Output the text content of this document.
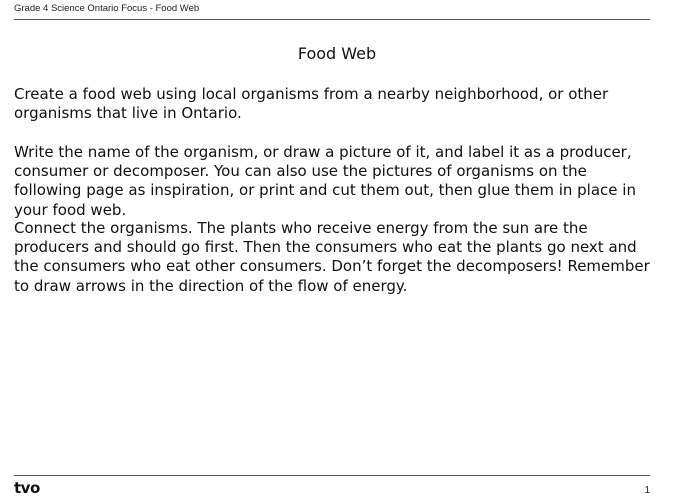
Grade 4 Science Ontario Focus - Food Web
Food Web

Create a food web using local organisms from a nearby neighborhood, or other organisms that live in Ontario.

Write the name of the organism, or draw a picture of it, and label it as a producer, consumer or decomposer. You can also use the pictures of organisms on the following page as inspiration, or print and cut them out, then glue them in place in your food web.

Connect the organisms. The plants who receive energy from the sun are the producers and should go first. Then the consumers who eat the plants go next and the consumers who eat other consumers. Don’t forget the decomposers! Remember to draw arrows in the direction of the flow of energy.

tvo	1
